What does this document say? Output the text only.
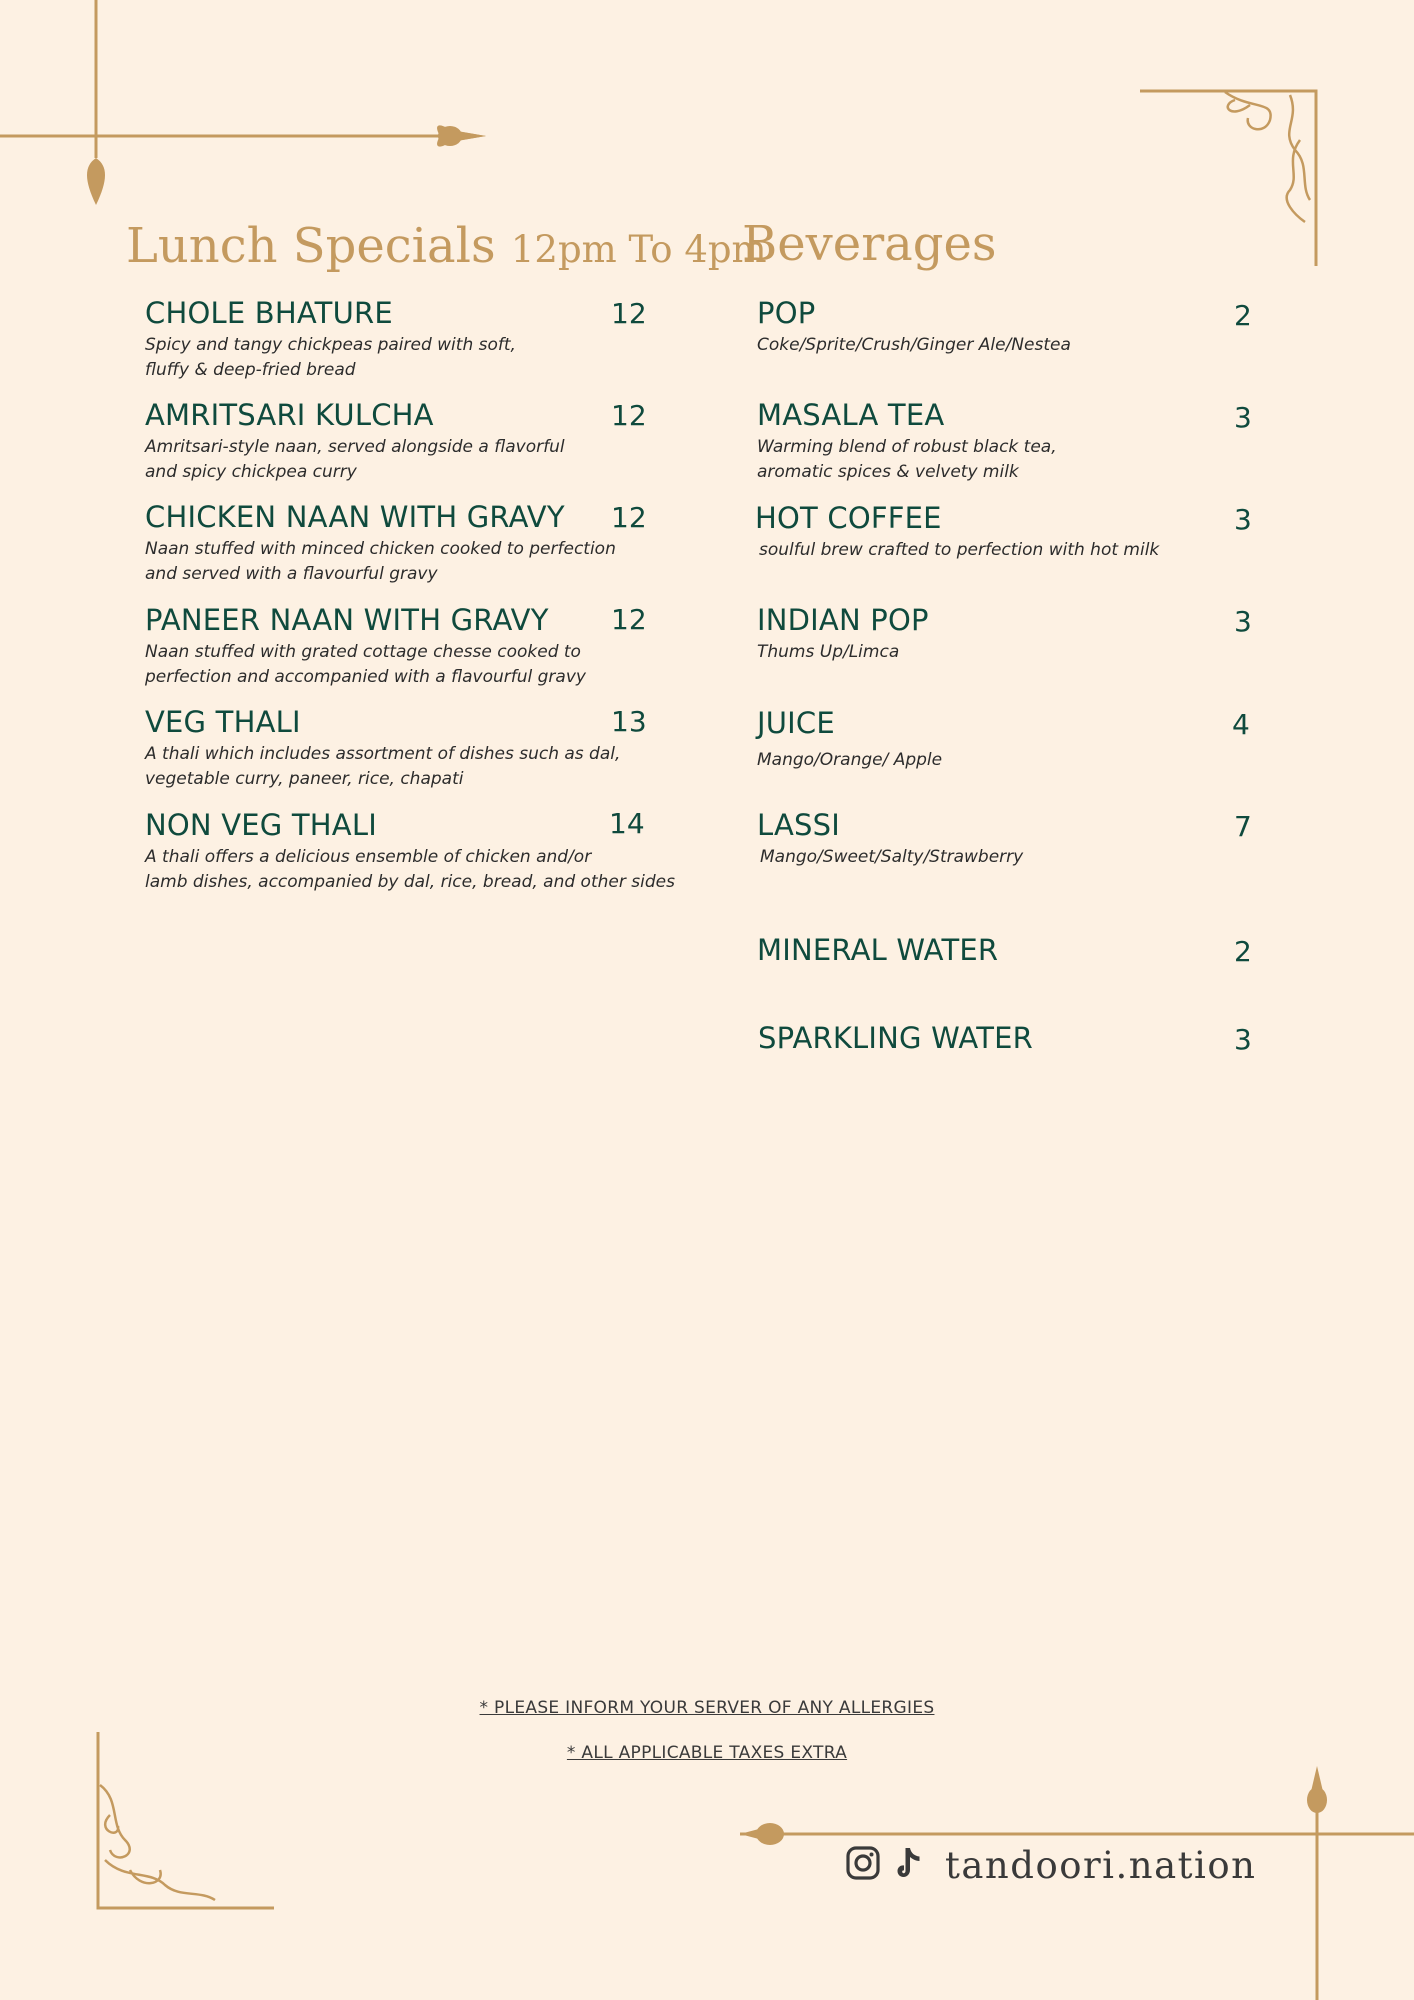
Lunch Specials 12pm To 4pm
CHOLE BHATURE
Spicy and tangy chickpeas paired with soft,
fluffy & deep-fried bread
12
AMRITSARI KULCHA
Amritsari-style naan, served alongside a flavorful
and spicy chickpea curry
12
CHICKEN NAAN WITH GRAVY
Naan stuffed with minced chicken cooked to perfection
and served with a flavourful gravy
12
PANEER NAAN WITH GRAVY
Naan stuffed with grated cottage chesse cooked to
perfection and accompanied with a flavourful gravy
12
VEG THALI
A thali which includes assortment of dishes such as dal,
vegetable curry, paneer, rice, chapati
13
NON VEG THALI
A thali offers a delicious ensemble of chicken and/or
lamb dishes, accompanied by dal, rice, bread, and other sides
14
Beverages
POP
Coke/Sprite/Crush/Ginger Ale/Nestea
2
MASALA TEA
Warming blend of robust black tea,
aromatic spices & velvety milk
3
HOT COFFEE
soulful brew crafted to perfection with hot milk
3
INDIAN POP
Thums Up/Limca
3
JUICE
Mango/Orange/ Apple
4
LASSI
Mango/Sweet/Salty/Strawberry
7
MINERAL WATER	2
SPARKLING WATER	3
* PLEASE INFORM YOUR SERVER OF ANY ALLERGIES
* ALL APPLICABLE TAXES EXTRA
tandoori.nation
